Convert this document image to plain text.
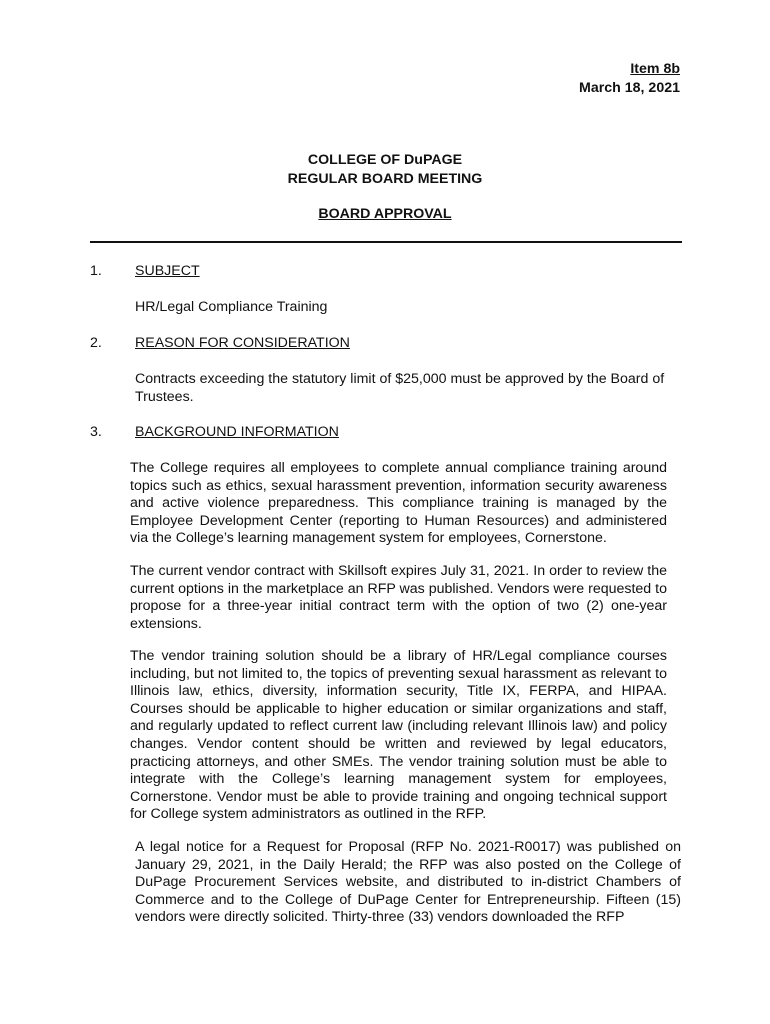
Item 8b
March 18, 2021
COLLEGE OF DuPAGE
REGULAR BOARD MEETING
BOARD APPROVAL
1. SUBJECT
HR/Legal Compliance Training
2. REASON FOR CONSIDERATION
Contracts exceeding the statutory limit of $25,000 must be approved by the Board of Trustees.
3. BACKGROUND INFORMATION
The College requires all employees to complete annual compliance training around topics such as ethics, sexual harassment prevention, information security awareness and active violence preparedness. This compliance training is managed by the Employee Development Center (reporting to Human Resources) and administered via the College’s learning management system for employees, Cornerstone.
The current vendor contract with Skillsoft expires July 31, 2021. In order to review the current options in the marketplace an RFP was published. Vendors were requested to propose for a three-year initial contract term with the option of two (2) one-year extensions.
The vendor training solution should be a library of HR/Legal compliance courses including, but not limited to, the topics of preventing sexual harassment as relevant to Illinois law, ethics, diversity, information security, Title IX, FERPA, and HIPAA. Courses should be applicable to higher education or similar organizations and staff, and regularly updated to reflect current law (including relevant Illinois law) and policy changes. Vendor content should be written and reviewed by legal educators, practicing attorneys, and other SMEs. The vendor training solution must be able to integrate with the College’s learning management system for employees, Cornerstone. Vendor must be able to provide training and ongoing technical support for College system administrators as outlined in the RFP.
A legal notice for a Request for Proposal (RFP No. 2021-R0017) was published on January 29, 2021, in the Daily Herald; the RFP was also posted on the College of DuPage Procurement Services website, and distributed to in-district Chambers of Commerce and to the College of DuPage Center for Entrepreneurship. Fifteen (15) vendors were directly solicited. Thirty-three (33) vendors downloaded the RFP
